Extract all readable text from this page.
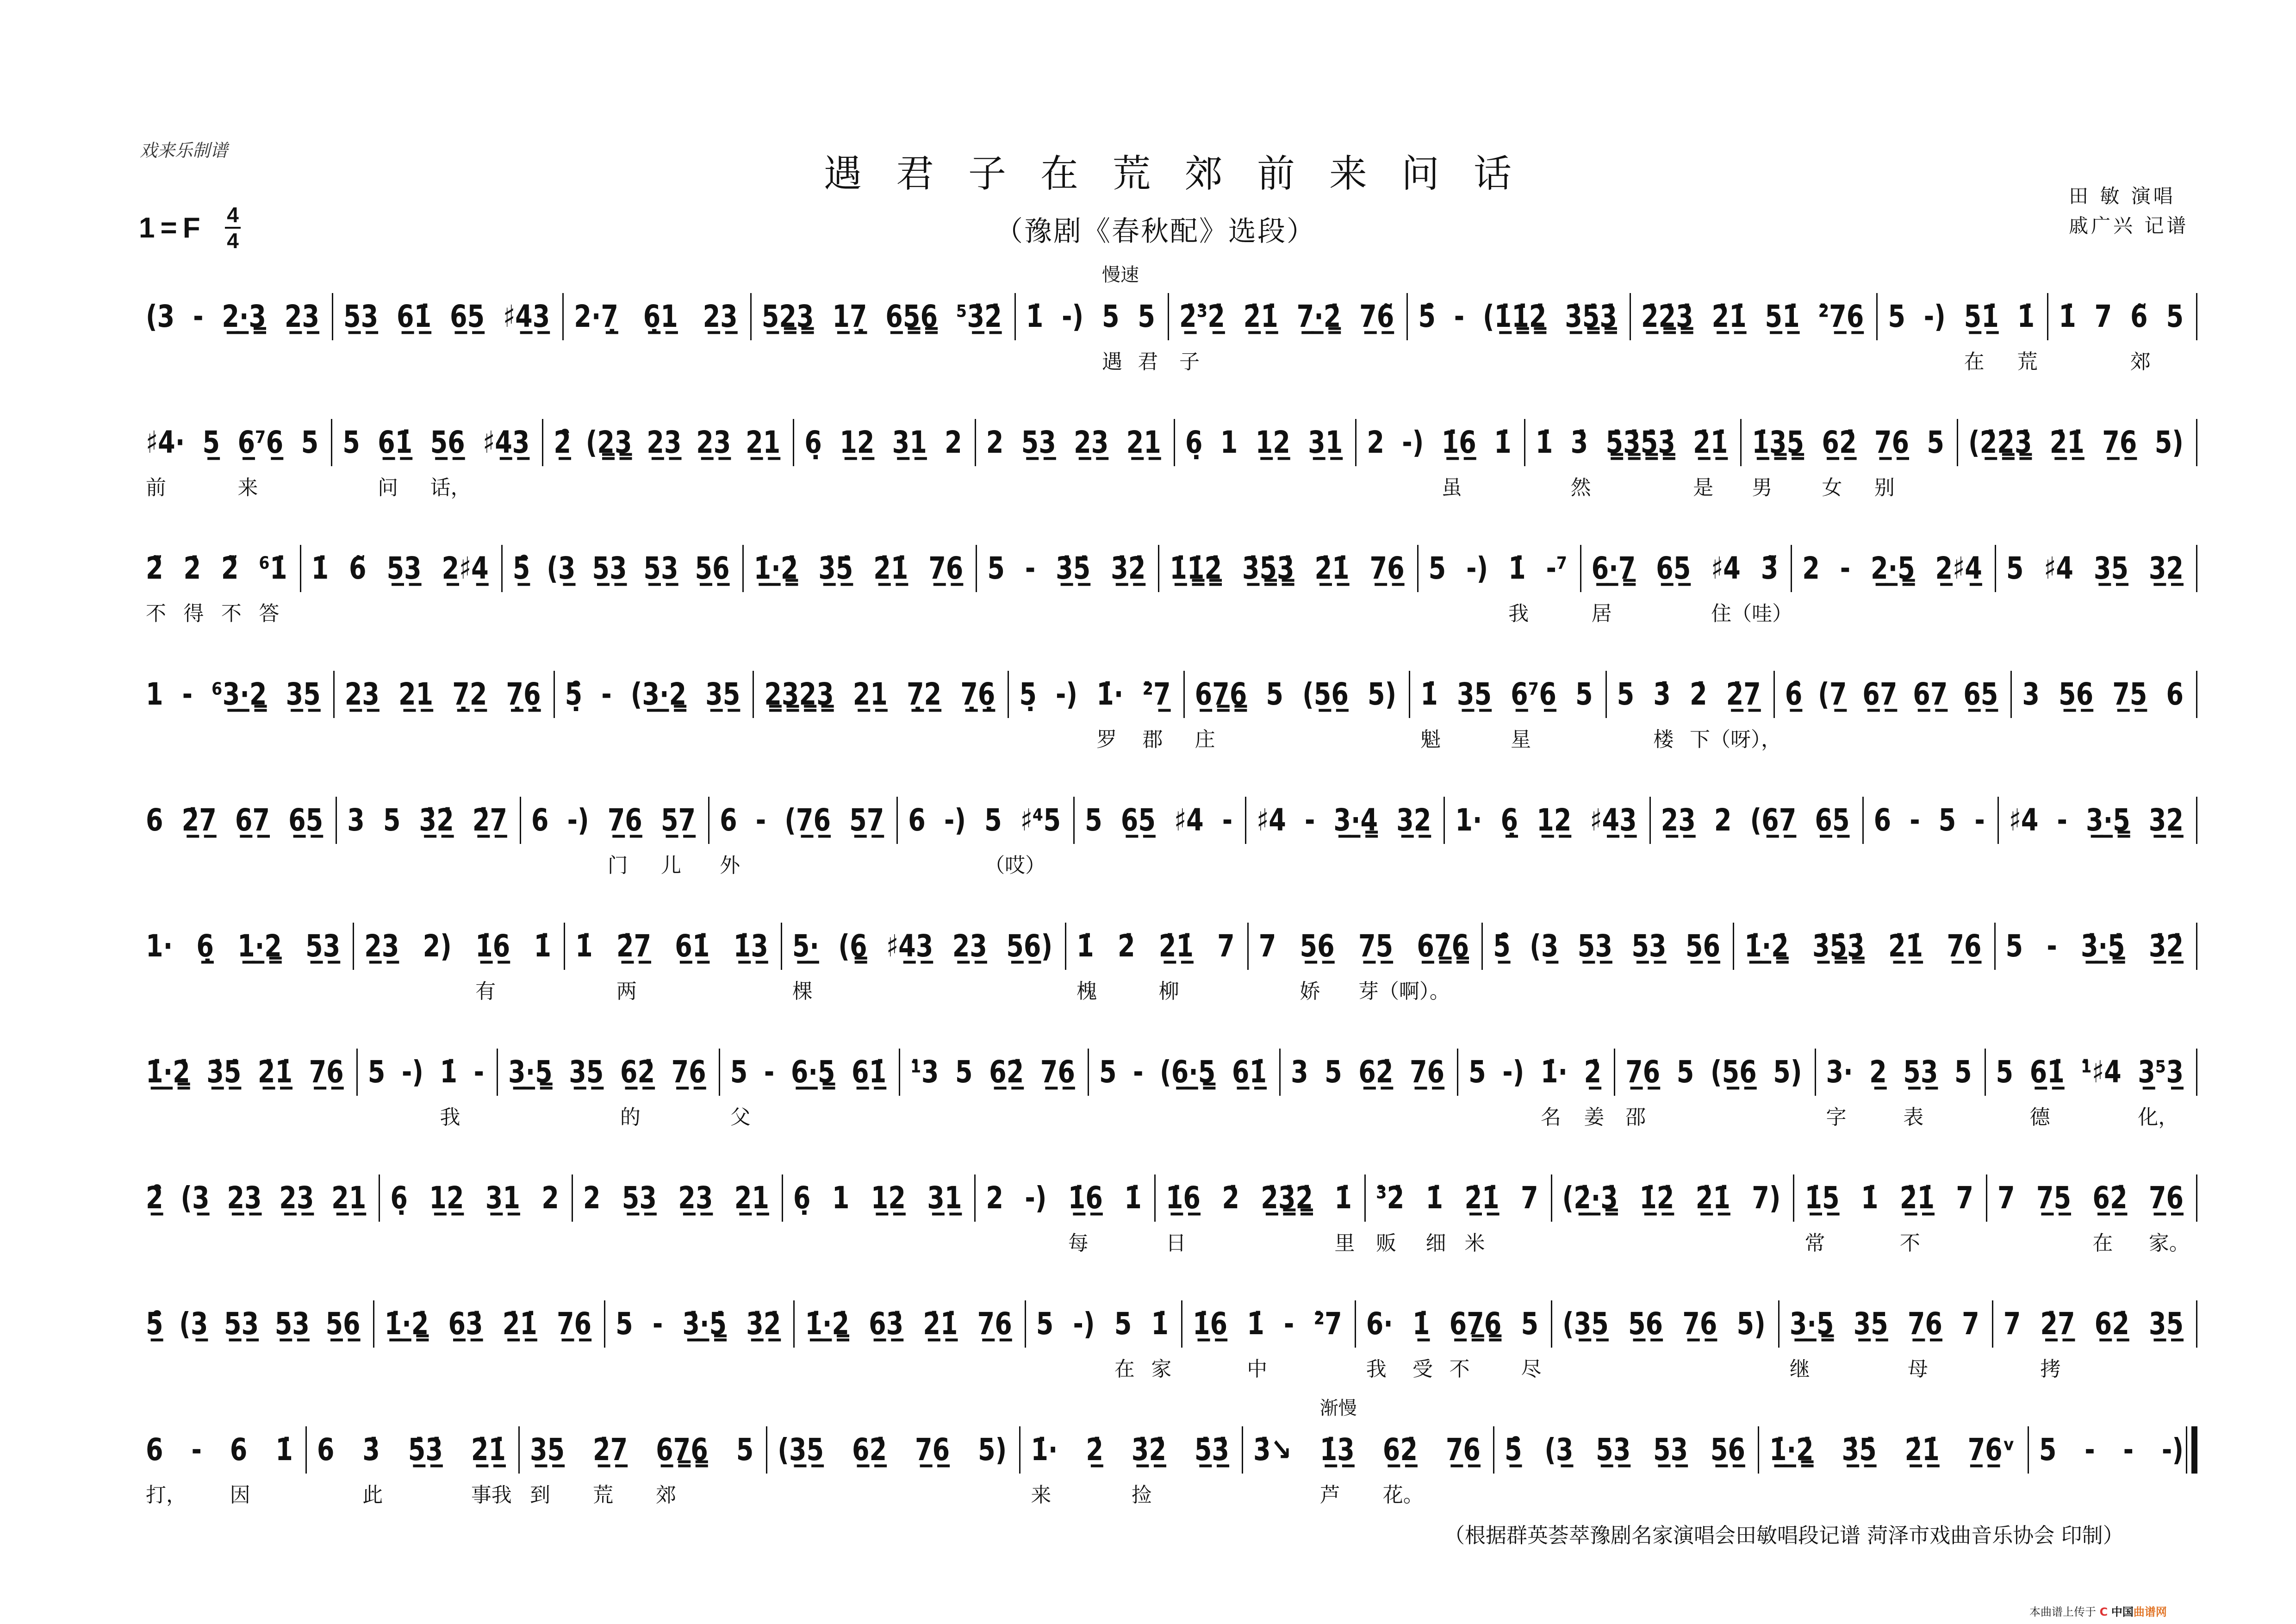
戏来乐制谱
遇君子在荒郊前来问话
（豫剧《春秋配》选段）
1=F 4
4
田 敏 演唱
戚广兴 记谱
(3 - 2̲·̲3̳ 2̲3̲ 5̲3̲ 6̲1̲̇ 6̲5̲ ♯4̲3̲ 2·7̲̣ 6̲̣1̲ 2̲3̲ 5̲2̳3̳ 1̲7̲̣ 6̲5̳6̳ ⁵3̲̇2̲̇ 1̇ -) 5
遇
慢速
5
君
2̲̇³̇2̲̇
子
2̲̇1̲̇ 7̲·̲2̳̇ 7̲6̲̃ 5̑ - (1̲̇1̳̇2̳̇ 3̲̇5̳̇3̳̇ 2̲̇2̳̇3̳̇ 2̲̇1̲̇ 5̲1̲̇ ²̇7̲6̲ 5 -) 5̲1̲̇
在
1̇
荒
1̇ 7 6̃
郊
5
♯4·
前
5̲ 6̲⁷6̲
来
5 5 6̲1̲̇
问
5̲6̲
话，
♯4̲3̲ 2̲̑ (2̳3̳ 2̲3̲ 2̲3̲ 2̲1̲ 6̣ 1̲2̲ 3̲1̲ 2 2 5̲3̲ 2̲3̲ 2̲1̲ 6̣ 1 1̲2̲ 3̲1̲ 2 -) 1̲̇6̲
虽
1̇ 1̇ 3̇
然
5̳̇3̳̇5̳̇3̳̇ 2̲̇1̲̇
是
1̲̇3̳5̳
男
6̲2̲̇
女
7̲6̲
别
5 (2̲̇2̳̇3̳̇ 2̲̇1̲̇ 7̲6̲ 5)
2̇̃
不
2̇
得
2̇̃
不
⁶1̇
答
1̇ 6̃ 5̲3̲ 2̲♯4̲ 5̲̑ (3̲ 5̲3̲ 5̲3̲ 5̲6̲ 1̲̇·̲2̳̇ 3̲̇5̲̇ 2̲̇1̲̇ 7̲6̲ 5 - 3̲̇5̲̇ 3̲̇2̲̇ 1̲̇1̳̇2̳̇ 3̲̇5̳̇3̳̇ 2̲̇1̲̇ 7̲6̲ 5 -) 1̇
我
-⁷ 6̲·̲7̳
居
6̲5̲ ♯4
住（哇）
3̇̃ 2 - 2̲·̲5̳ 2̲♯4̲ 5 ♯4 3̲5̲ 3̲2̲
1 - ⁶3̲·̲2̳ 3̲5̲ 2̲3̲ 2̲1̲ 7̲̣2̲ 7̲̣6̲̣ 5̣̑ - (3̲·̲2̳ 3̲5̲ 2̳3̳2̳3̳ 2̲1̲ 7̲̣2̲ 7̲̣6̲̣ 5̣ -) 1̇·
罗
²̇7̲
郡
6̲7̳6̳
庄
5 (5̲6̲ 5) 1̇
魁
3̲5̲ 6̲⁷6̲
星
5 5 3̇
楼
2̇
下（呀），
2̲̇7̲ 6̲̑ (7̲ 6̲7̲ 6̲7̲ 6̲5̲ 3 5̲6̲ 7̲5̲ 6
6 2̲̇7̲ 6̲7̲ 6̲5̲ 3 5 3̲̇2̲̇ 2̲̇7̲ 6 -) 7̲6̲
门
5̲7̲
儿
6
外
- (7̲6̲ 5̲7̲ 6 -) 5
（哎）
♯⁴5 5 6̲5̲ ♯4 - ♯4 - 3̲·̲4̳ 3̲2̲ 1· 6̲̣ 1̲2̲ ♯4̲3̲ 2̲3̲ 2 (6̲7̲ 6̲5̲ 6 - 5 - ♯4 - 3̲·̲5̳ 3̲2̲
1· 6̲̣ 1̲·̲2̳ 5̲3̲ 2̲3̲ 2) 1̲̇6̲
有
1̇ 1̇ 2̲̇7̲
两
6̲1̲̇ 1̲̇3̲ 5̲·̲
棵
(6̳ ♯4̲3̲ 2̲3̲ 5̲6̲) 1̇
槐
2̇ 2̲̇1̲̇
柳
7 7 5̲6̲
娇
7̲5̲
芽（啊）。
6̲7̳6̳ 5̲̑ (3̲ 5̲3̲ 5̲3̲ 5̲6̲ 1̲̇·̲2̳̇ 3̲̇5̳̇3̳̇ 2̲̇1̲̇ 7̲6̲ 5 - 3̲̇·̲5̳̇ 3̲̇2̲̇
1̲̇·̲2̳̇ 3̲̇5̲̇ 2̲̇1̲̇ 7̲6̲ 5 -) 1̇
我
- 3̲·̲5̳ 3̲5̲ 6̲2̲̇
的
7̲6̲ 5
父
- 6̲·̲5̳ 6̲1̲̇ ¹̇3 5 6̲2̲̇ 7̲6̲ 5 - (6̲·̲5̳ 6̲1̲̇ 3 5 6̲2̲̇ 7̲6̲ 5 -) 1̇·
名
2̲̇
姜
7̲6̲
邵
5 (5̲6̲ 5) 3·
字
2̲ 5̲3̲
表
5 5 6̲1̲̇
德
¹̇♯4 3̲⁵3̲
化，
2̲̑ (3̲ 2̲3̲ 2̲3̲ 2̲1̲ 6̣ 1̲2̲ 3̲1̲ 2 2 5̲3̲ 2̲3̲ 2̲1̲ 6̣ 1 1̲2̲ 3̲1̲ 2 -) 1̲̇6̲
每
1̇ 1̲̇6̲
日
2̇ 2̲̇3̳̇2̳̇ 1̇
里
³̇2̇
贩
1̇
细
2̲̇1̲̇
米
7 (2̲̇·̲3̳̇ 1̲̇2̲̇ 2̲̇1̲̇ 7) 1̲̇5̲
常
1̇ 2̲̇1̲̇
不
7 7 7̲5̲ 6̲2̲̇
在
7̲6̲
家。
5̲̑ (3̲ 5̲3̲ 5̲3̲ 5̲6̲ 1̲̇·̲2̳̇ 6̲3̲̇ 2̲̇1̲̇ 7̲6̲ 5 - 3̲̇·̲5̳̇ 3̲̇2̲̇ 1̲̇·̲2̳̇ 6̲3̲̇ 2̲̇1̲̇ 7̲6̲ 5 -) 5
在
1̇
家
1̲̇6̲ 1̇
中
- ²̇7 6·
我
1̲̇
受
6̲7̳6̳
不
5
尽
(3̲5̲ 5̲6̲ 7̲6̲ 5) 3̲·̲5̳
继
3̲5̲ 7̲6̲
母
7 7 2̲̇7̲
拷
6̲2̲̇ 3̲5̲
6
打，
- 6
因
1̇ 6 3̇
此
5̲̇3̲̇ 2̲̇1̲̇
事我
3̲5̲
到
2̲̇7̲
荒
6̲7̳6̳
郊
5 (3̲5̲ 6̲2̲̇ 7̲6̲ 5) 1̇·
来
2̲̇ 3̲̇2̲̇
捡
5̲̇3̲̇ 3̇↘ 1̲̇3̲
芦
渐慢
6̲2̲̇
花。
7̲6̲ 5̲̑ (3̲ 5̲3̲ 5̲3̲ 5̲6̲ 1̲̇·̲2̳̇ 3̲̇5̲̇ 2̲̇1̲̇ 7̲6̲ᵛ 5 - - -)
（根据群英荟萃豫剧名家演唱会田敏唱段记谱 菏泽市戏曲音乐协会 印制）
本曲谱上传于 C 中国曲谱网
